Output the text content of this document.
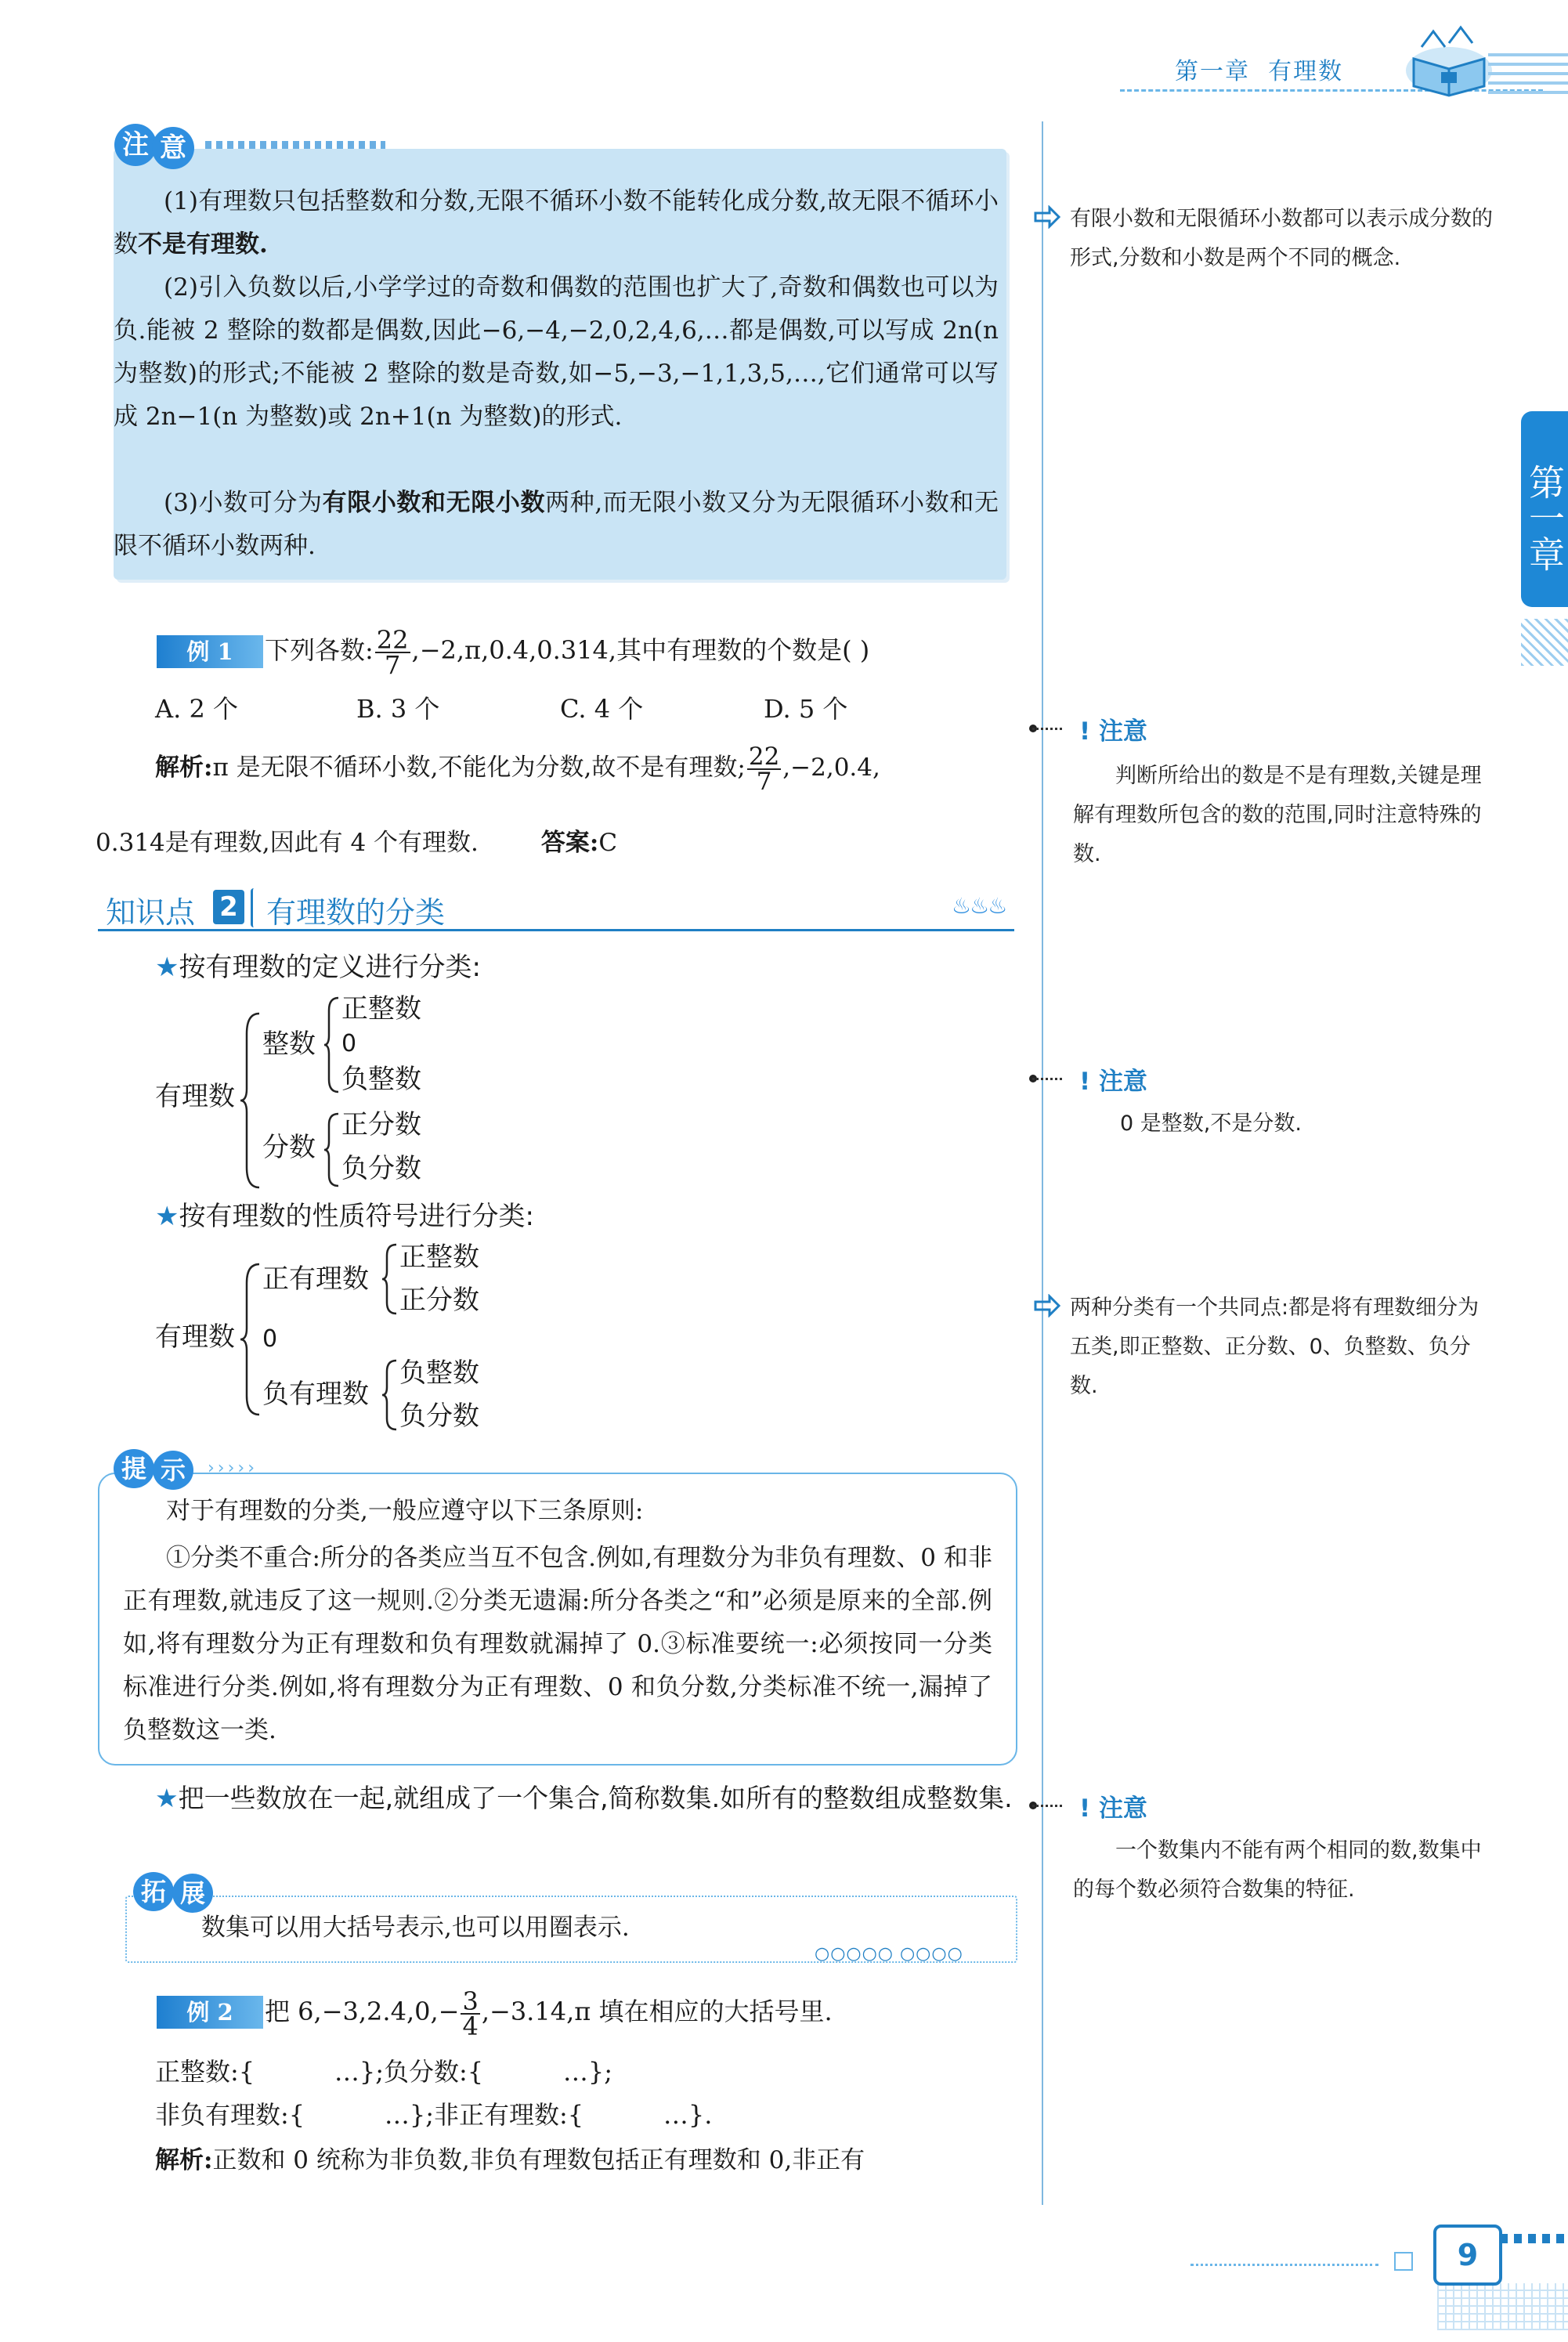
第一章 有理数
第一章
(1)有理数只包括整数和分数,无限不循环小数不能转化成分数,故无限不循环小数不是有理数.
(2)引入负数以后,小学学过的奇数和偶数的范围也扩大了,奇数和偶数也可以为负.能被 2 整除的数都是偶数,因此−6,−4,−2,0,2,4,6,…都是偶数,可以写成 2n(n 为整数)的形式;不能被 2 整除的数是奇数,如−5,−3,−1,1,3,5,…,它们通常可以写成 2n−1(n 为整数)或 2n+1(n 为整数)的形式.
(3)小数可分为有限小数和无限小数两种,而无限小数又分为无限循环小数和无限不循环小数两种.
注 意
有限小数和无限循环小数都可以表示成分数的形式,分数和小数是两个不同的概念.
例 1	下列各数: $\frac{22}{7} ,-2,\pi,0.4,0.314$,其中有理数的个数是( )
A. 2 个	B. 3 个	C. 4 个	D. 5 个
解析:π 是无限不循环小数,不能化为分数,故不是有理数; $\frac{22}{7} ,-2,0.4$,
0.314是有理数,因此有 4 个有理数.	答案:C
! 注意
判断所给出的数是不是有理数,关键是理解有理数所包含的数的范围,同时注意特殊的数.
知识点 2 有理数的分类	♨♨♨
★按有理数的定义进行分类:
有理数
整数
正整数
0
负整数
分数
正分数
负分数
! 注意
0 是整数,不是分数.
★按有理数的性质符号进行分类:
有理数
正有理数
正整数
正分数
0
负有理数
负整数
负分数
两种分类有一个共同点:都是将有理数细分为五类,即正整数、正分数、0、负整数、负分数.
对于有理数的分类,一般应遵守以下三条原则:
①分类不重合:所分的各类应当互不包含.例如,有理数分为非负有理数、0 和非正有理数,就违反了这一规则.②分类无遗漏:所分各类之“和”必须是原来的全部.例如,将有理数分为正有理数和负有理数就漏掉了 0.③标准要统一:必须按同一分类标准进行分类.例如,将有理数分为正有理数、0 和负分数,分类标准不统一,漏掉了负整数这一类.
提 示	›››››
★把一些数放在一起,就组成了一个集合,简称数集.如所有的整数组成整数集.	! 注意
一个数集内不能有两个相同的数,数集中的每个数必须符合数集的特征.
数集可以用大括号表示,也可以用圈表示.
拓 展
○○○○○ ○○○○
例 2	把 $6,-3,2.4,0,- \frac{3}{4} ,-3.14,\pi$ 填在相应的大括号里.
正整数:{          …};负分数:{          …};
非负有理数:{          …};非正有理数:{          …}.
解析:正数和 0 统称为非负数,非负有理数包括正有理数和 0,非正有
9
